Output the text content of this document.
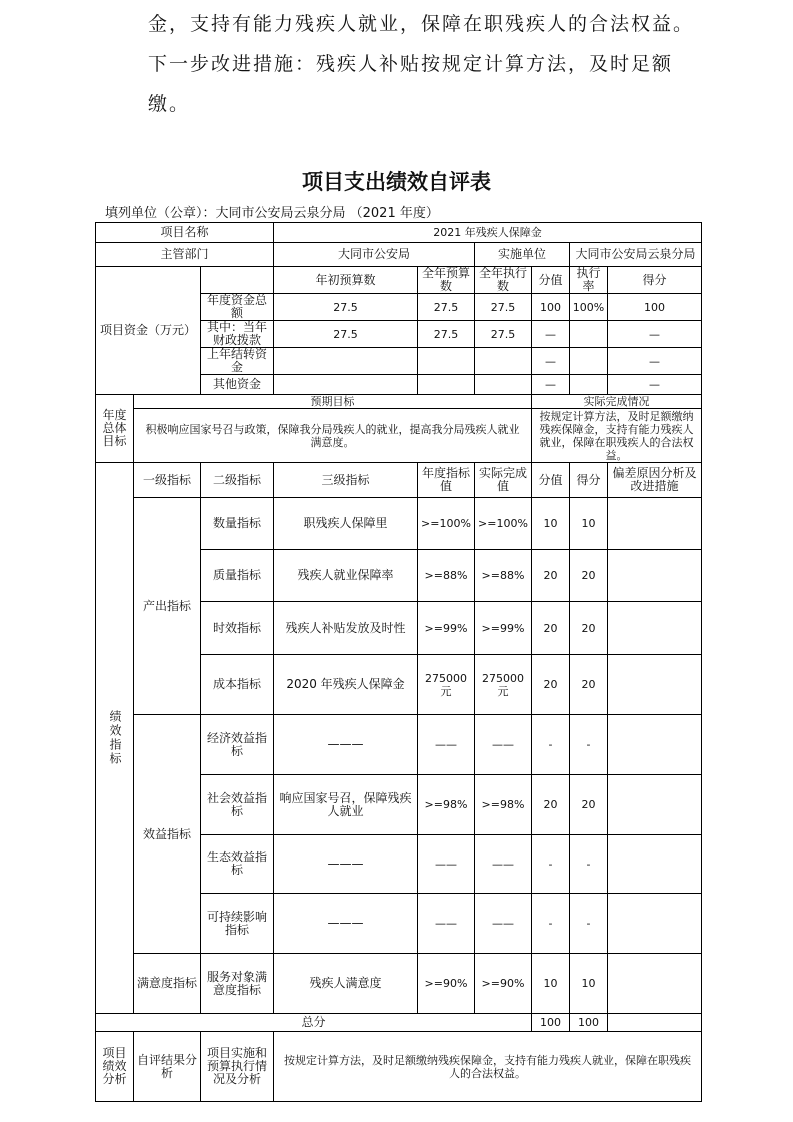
金，支持有能力残疾人就业，保障在职残疾人的合法权益。

下一步改进措施：残疾人补贴按规定计算方法，及时足额

缴。

项目支出绩效自评表
填列单位（公章）：大同市公安局云泉分局 （2021 年度）
项目名称			2021 年残疾人保障金					
主管部门			大同市公安局		实施单位		大同市公安局云泉分局	
项目资金（万元）			年初预算数	全年预算数	全年执行数	分值	执行率	得分
		年度资金总额	27.5	27.5	27.5	100	100%	100
		其中：当年财政拨款	27.5	27.5	27.5	—		—
		上年结转资金				—		—
		其他资金				—		—
年度总体目标	预期目标					实际完成情况		
	积极响应国家号召与政策，保障我分局残疾人的就业，提高我分局残疾人就业满意度。					按规定计算方法，及时足额缴纳残疾保障金，支持有能力残疾人就业，保障在职残疾人的合法权益。		
绩效指标	一级指标	二级指标	三级指标	年度指标值	实际完成值	分值	得分	偏差原因分析及改进措施
	产出指标	数量指标	职残疾人保障里	>=100%	>=100%	10	10	
		质量指标	残疾人就业保障率	>=88%	>=88%	20	20	
		时效指标	残疾人补贴发放及时性	>=99%	>=99%	20	20	
		成本指标	2020 年残疾人保障金	275000元	275000元	20	20	
	效益指标	经济效益指标	———	——	——	-	-	
		社会效益指标	响应国家号召，保障残疾人就业	>=98%	>=98%	20	20	
		生态效益指标	———	——	——	-	-	
		可持续影响指标	———	——	——	-	-	
	满意度指标	服务对象满意度指标	残疾人满意度	>=90%	>=90%	10	10	
总分						100	100	
项目绩效分析	自评结果分析	项目实施和预算执行情况及分析	按规定计算方法，及时足额缴纳残疾保障金，支持有能力残疾人就业，保障在职残疾人的合法权益。					
